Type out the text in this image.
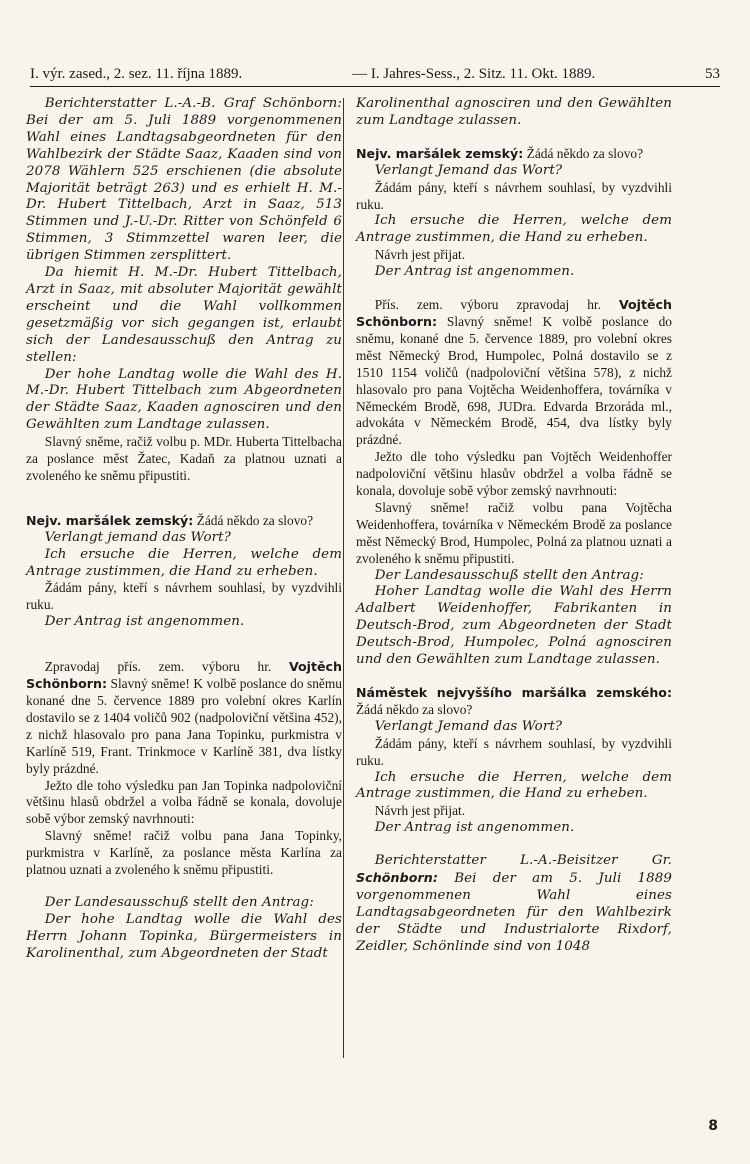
I. výr. zased., 2. sez. 11. října 1889.	— I. Jahres-Sess., 2. Sitz. 11. Okt. 1889.	53

Berichterstatter L.-A.-B. Graf Schönborn: Bei der am 5. Juli 1889 vorgenommenen Wahl eines Landtagsabgeordneten für den Wahlbezirk der Städte Saaz, Kaaden sind von 2078 Wählern 525 erschienen (die absolute Majorität beträgt 263) und es erhielt H. M.-Dr. Hubert Tittelbach, Arzt in Saaz, 513 Stimmen und J.-U.-Dr. Ritter von Schönfeld 6 Stimmen, 3 Stimmzettel waren leer, die übrigen Stimmen zersplittert.

Da hiemit H. M.-Dr. Hubert Tittelbach, Arzt in Saaz, mit absoluter Majorität gewählt erscheint und die Wahl vollkommen gesetzmäßig vor sich gegangen ist, erlaubt sich der Landesausschuß den Antrag zu stellen:

Der hohe Landtag wolle die Wahl des H. M.-Dr. Hubert Tittelbach zum Abgeordneten der Städte Saaz, Kaaden agnosciren und den Gewählten zum Landtage zulassen.

Slavný sněme, račiž volbu p. MDr. Huberta Tittelbacha za poslance měst Žatec, Kadaň za platnou uznati a zvoleného ke sněmu připustiti.

Nejv. maršálek zemský: Žádá někdo za slovo?

Verlangt jemand das Wort?

Ich ersuche die Herren, welche dem Antrage zustimmen, die Hand zu erheben.

Žádám pány, kteří s návrhem souhlasí, by vyzdvihli ruku.

Der Antrag ist angenommen.

Zpravodaj přís. zem. výboru hr. Vojtěch Schönborn: Slavný sněme! K volbě poslance do sněmu konané dne 5. července 1889 pro volební okres Karlín dostavilo se z 1404 voličů 902 (nadpoloviční většina 452), z nichž hlasovalo pro pana Jana Topinku, purkmistra v Karlíně 519, Frant. Trinkmoce v Karlíně 381, dva lístky byly prázdné.

Ježto dle toho výsledku pan Jan Topinka nadpoloviční většinu hlasů obdržel a volba řádně se konala, dovoluje sobě výbor zemský navrhnouti:

Slavný sněme! račiž volbu pana Jana Topinky, purkmistra v Karlíně, za poslance města Karlína za platnou uznati a zvoleného k sněmu připustiti.

Der Landesausschuß stellt den Antrag:

Der hohe Landtag wolle die Wahl des Herrn Johann Topinka, Bürgermeisters in Karolinenthal, zum Abgeordneten der Stadt

Karolinenthal agnosciren und den Gewählten zum Landtage zulassen.

Nejv. maršálek zemský: Žádá někdo za slovo?

Verlangt Jemand das Wort?

Žádám pány, kteří s návrhem souhlasí, by vyzdvihli ruku.

Ich ersuche die Herren, welche dem Antrage zustimmen, die Hand zu erheben.

Návrh jest přijat.

Der Antrag ist angenommen.

Přís. zem. výboru zpravodaj hr. Vojtěch Schönborn: Slavný sněme! K volbě poslance do sněmu, konané dne 5. července 1889, pro volební okres měst Německý Brod, Humpolec, Polná dostavilo se z 1510 1154 voličů (nadpoloviční většina 578), z nichž hlasovalo pro pana Vojtěcha Weidenhoffera, továrníka v Německém Brodě, 698, JUDra. Edvarda Brzoráda ml., advokáta v Německém Brodě, 454, dva lístky byly prázdné.

Ježto dle toho výsledku pan Vojtěch Weidenhoffer nadpoloviční většinu hlasův obdržel a volba řádně se konala, dovoluje sobě výbor zemský navrhnouti:

Slavný sněme! račiž volbu pana Vojtěcha Weidenhoffera, továrníka v Německém Brodě za poslance měst Německý Brod, Humpolec, Polná za platnou uznati a zvoleného k sněmu připustiti.

Der Landesausschuß stellt den Antrag:

Hoher Landtag wolle die Wahl des Herrn Adalbert Weidenhoffer, Fabrikanten in Deutsch-Brod, zum Abgeordneten der Stadt Deutsch-Brod, Humpolec, Polná agnosciren und den Gewählten zum Landtage zulassen.

Náměstek nejvyššího maršálka zemského: Žádá někdo za slovo?

Verlangt Jemand das Wort?

Žádám pány, kteří s návrhem souhlasí, by vyzdvihli ruku.

Ich ersuche die Herren, welche dem Antrage zustimmen, die Hand zu erheben.

Návrh jest přijat.

Der Antrag ist angenommen.

Berichterstatter L.-A.-Beisitzer Gr. Schönborn: Bei der am 5. Juli 1889 vorgenommenen Wahl eines Landtagsabgeordneten für den Wahlbezirk der Städte und Industrialorte Rixdorf, Zeidler, Schönlinde sind von 1048

8
